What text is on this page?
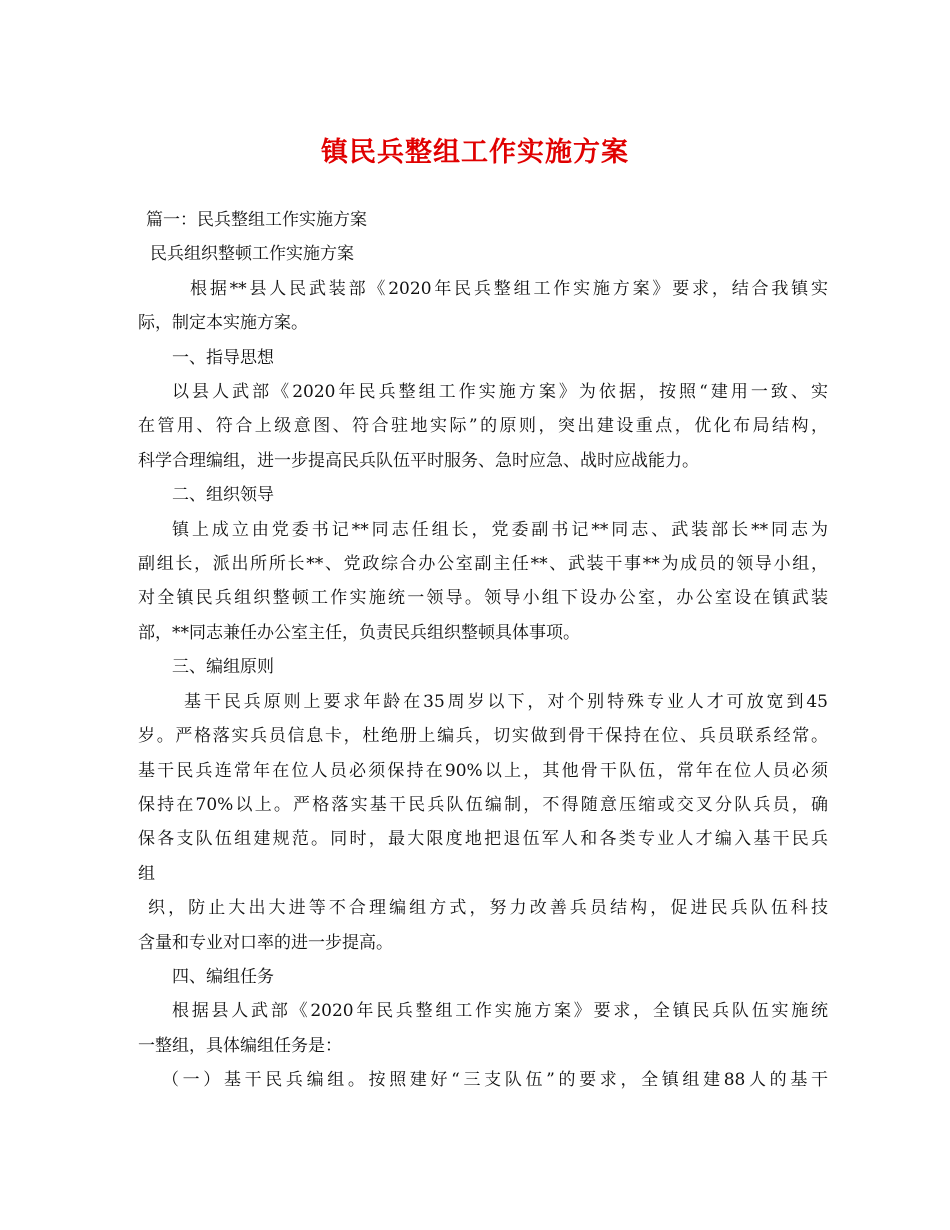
镇民兵整组工作实施方案
篇一：民兵整组工作实施方案
民兵组织整顿工作实施方案
根据**县人民武装部《2020年民兵整组工作实施方案》要求，结合我镇实
际，制定本实施方案。
一、指导思想
以县人武部《2020年民兵整组工作实施方案》为依据，按照“建用一致、实
在管用、符合上级意图、符合驻地实际”的原则，突出建设重点，优化布局结构，
科学合理编组，进一步提高民兵队伍平时服务、急时应急、战时应战能力。
二、组织领导
镇上成立由党委书记**同志任组长，党委副书记**同志、武装部长**同志为
副组长，派出所所长**、党政综合办公室副主任**、武装干事**为成员的领导小组，
对全镇民兵组织整顿工作实施统一领导。领导小组下设办公室，办公室设在镇武装
部，**同志兼任办公室主任，负责民兵组织整顿具体事项。
三、编组原则
基干民兵原则上要求年龄在35周岁以下，对个别特殊专业人才可放宽到45
岁。严格落实兵员信息卡，杜绝册上编兵，切实做到骨干保持在位、兵员联系经常。
基干民兵连常年在位人员必须保持在90%以上，其他骨干队伍，常年在位人员必须
保持在70%以上。严格落实基干民兵队伍编制，不得随意压缩或交叉分队兵员，确
保各支队伍组建规范。同时，最大限度地把退伍军人和各类专业人才编入基干民兵
组
织，防止大出大进等不合理编组方式，努力改善兵员结构，促进民兵队伍科技
含量和专业对口率的进一步提高。
四、编组任务
根据县人武部《2020年民兵整组工作实施方案》要求，全镇民兵队伍实施统
一整组，具体编组任务是：
（一）基干民兵编组。按照建好“三支队伍”的要求，全镇组建88人的基干
